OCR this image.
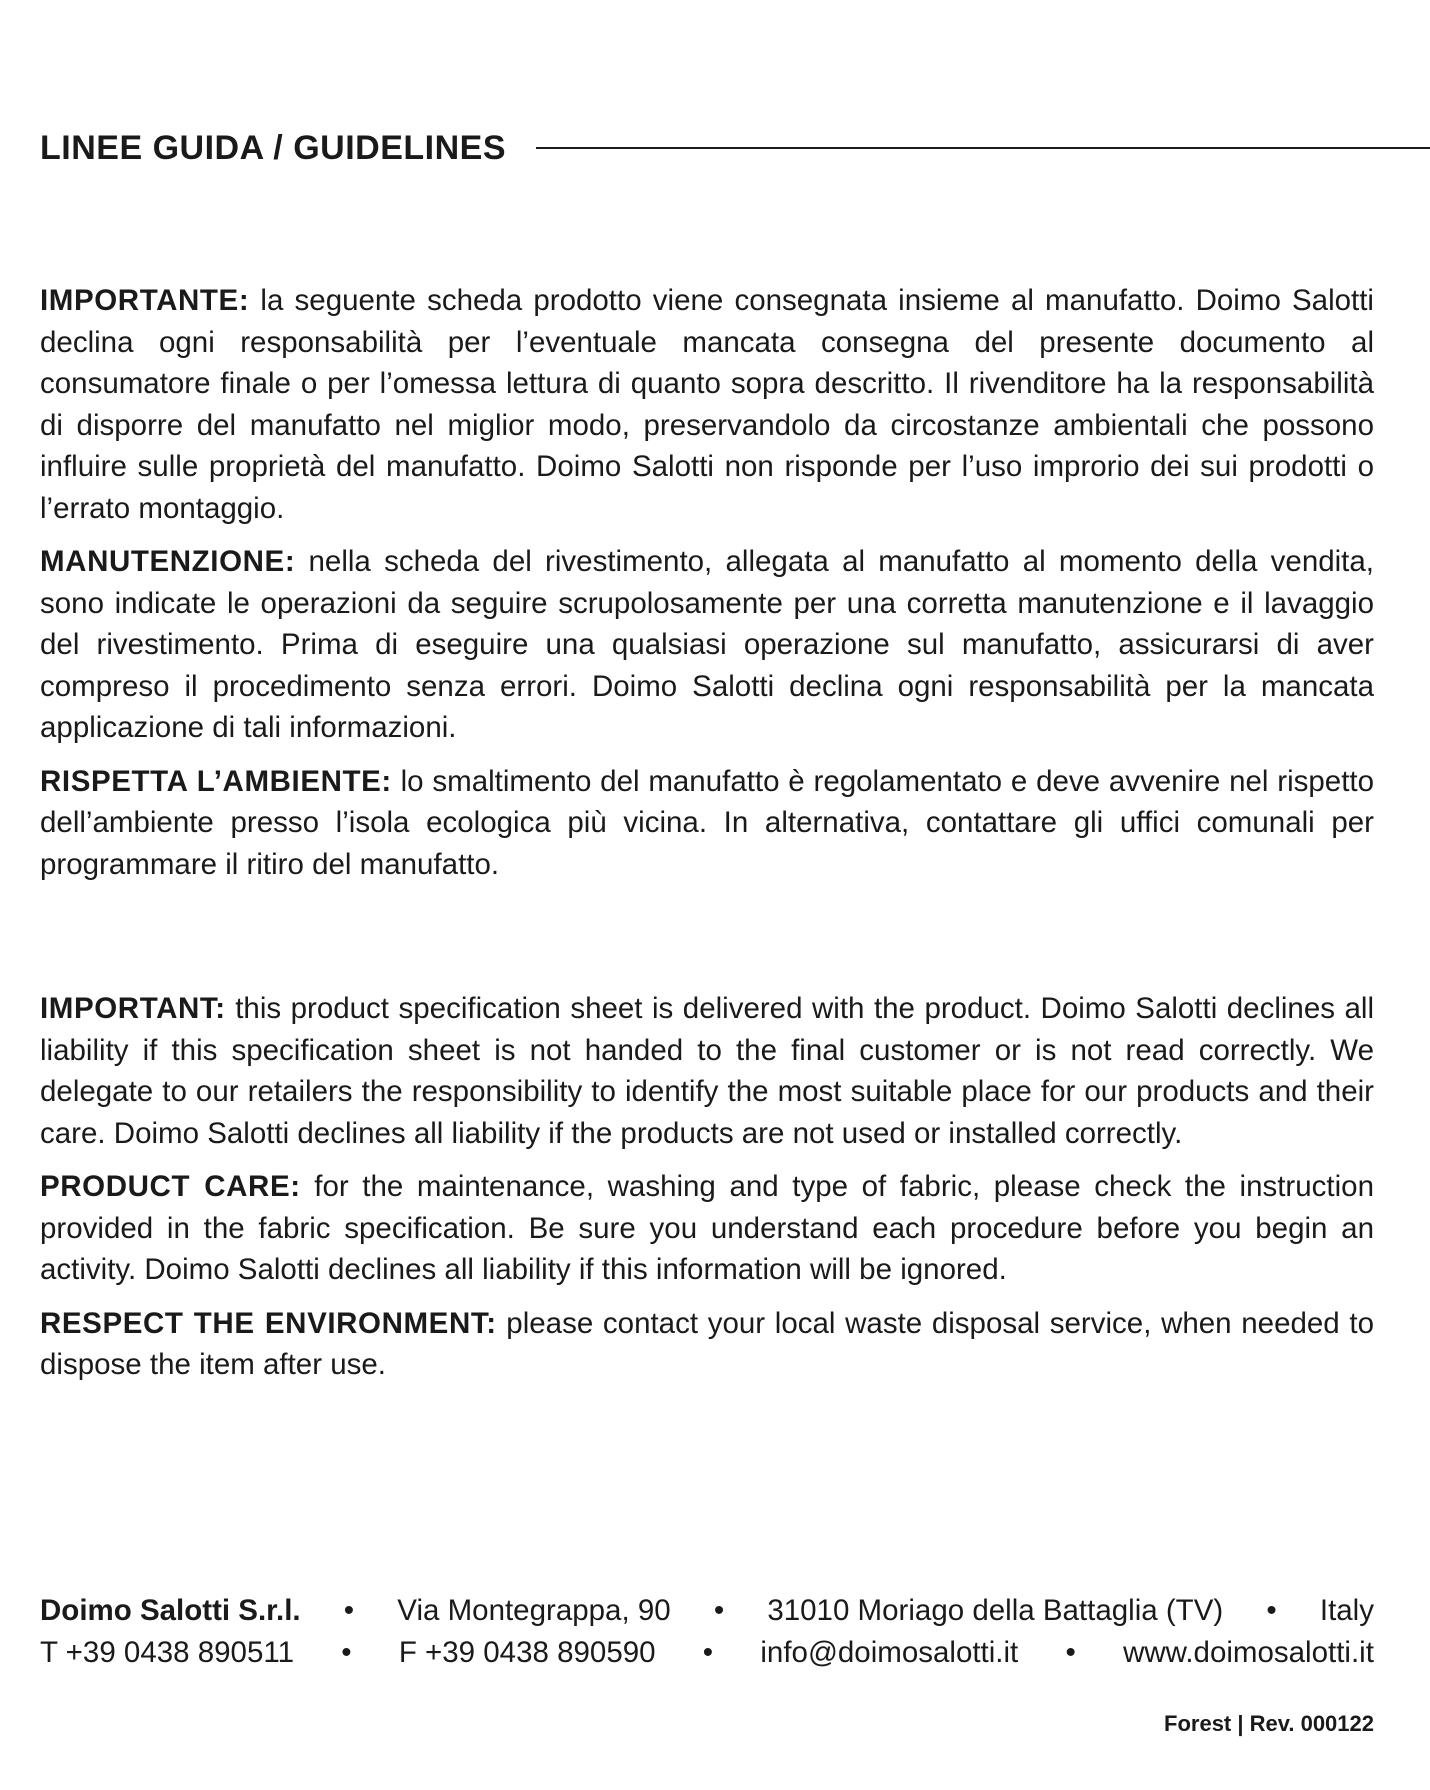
LINEE GUIDA / GUIDELINES

IMPORTANTE: la seguente scheda prodotto viene consegnata insieme al manufatto. Doimo Salotti declina ogni responsabilità per l’eventuale mancata consegna del presente documento al consumatore finale o per l’omessa lettura di quanto sopra descritto. Il rivenditore ha la responsabilità di disporre del manufatto nel miglior modo, preservandolo da circostanze ambientali che possono influire sulle proprietà del manufatto. Doimo Salotti non risponde per l’uso improrio dei sui prodotti o l’errato montaggio.

MANUTENZIONE: nella scheda del rivestimento, allegata al manufatto al momento della vendita, sono indicate le operazioni da seguire scrupolosamente per una corretta manutenzione e il lavaggio del rivestimento. Prima di eseguire una qualsiasi operazione sul manufatto, assicurarsi di aver compreso il procedimento senza errori. Doimo Salotti declina ogni responsabilità per la mancata applicazione di tali informazioni.

RISPETTA L’AMBIENTE: lo smaltimento del manufatto è regolamentato e deve avvenire nel rispetto dell’ambiente presso l’isola ecologica più vicina. In alternativa, contattare gli uffici comunali per programmare il ritiro del manufatto.

IMPORTANT: this product specification sheet is delivered with the product. Doimo Salotti declines all liability if this specification sheet is not handed to the final customer or is not read correctly. We delegate to our retailers the responsibility to identify the most suitable place for our products and their care. Doimo Salotti declines all liability if the products are not used or installed correctly.

PRODUCT CARE: for the maintenance, washing and type of fabric, please check the instruction provided in the fabric specification. Be sure you understand each procedure before you begin an activity. Doimo Salotti declines all liability if this information will be ignored.

RESPECT THE ENVIRONMENT: please contact your local waste disposal service, when needed to dispose the item after use.

Doimo Salotti S.r.l. • Via Montegrappa, 90 • 31010 Moriago della Battaglia (TV) • Italy
T +39 0438 890511 • F +39 0438 890590 • info@doimosalotti.it • www.doimosalotti.it
Forest | Rev. 000122
